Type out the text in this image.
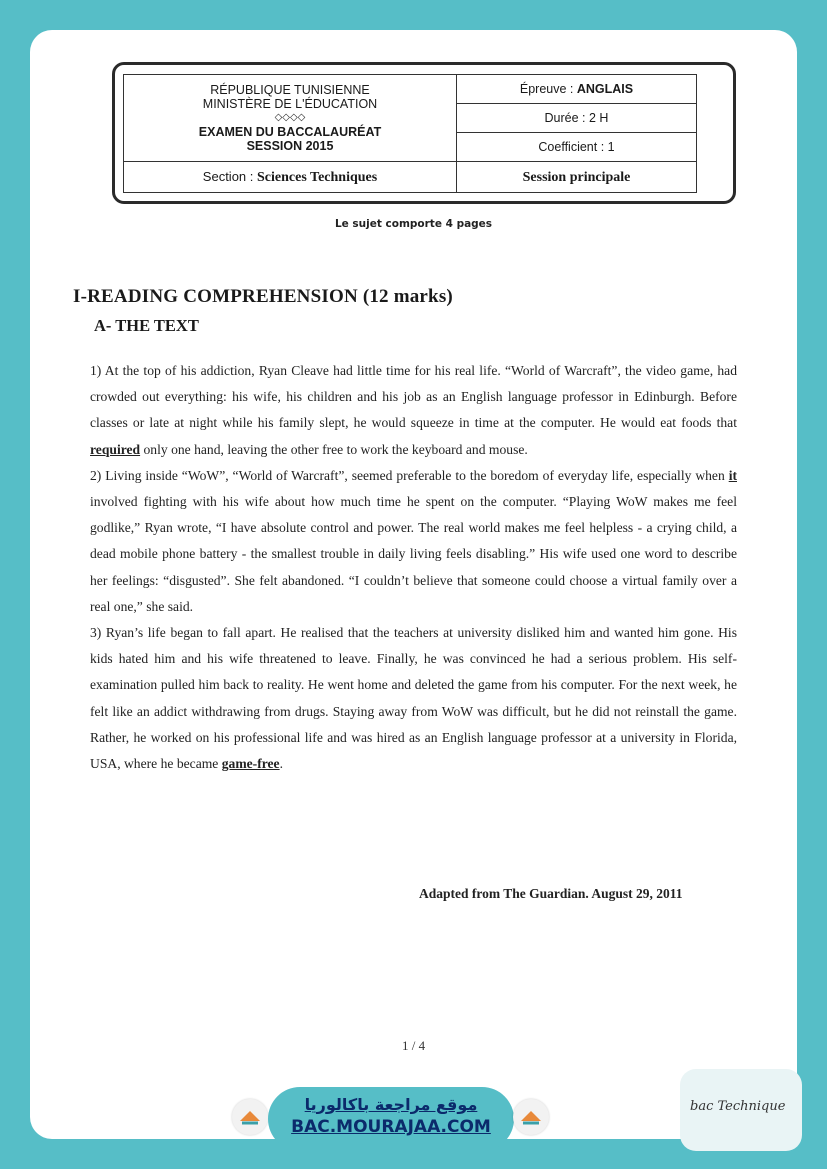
RÉPUBLIQUE TUNISIENNE
MINISTÈRE DE L'ÉDUCATION
◇◇◇◇
EXAMEN DU BACCALAURÉAT
SESSION 2015	Épreuve : ANGLAIS
	Durée : 2 H
	Coefficient : 1
Section : Sciences Techniques	Session principale
Le sujet comporte 4 pages
I-READING COMPREHENSION (12 marks)
A- THE TEXT

1) At the top of his addiction, Ryan Cleave had little time for his real life. “World of Warcraft”, the video game, had crowded out everything: his wife, his children and his job as an English language professor in Edinburgh. Before classes or late at night while his family slept, he would squeeze in time at the computer. He would eat foods that required only one hand, leaving the other free to work the keyboard and mouse.

2) Living inside “WoW”, “World of Warcraft”, seemed preferable to the boredom of everyday life, especially when it involved fighting with his wife about how much time he spent on the computer. “Playing WoW makes me feel godlike,” Ryan wrote, “I have absolute control and power. The real world makes me feel helpless - a crying child, a dead mobile phone battery - the smallest trouble in daily living feels disabling.” His wife used one word to describe her feelings: “disgusted”. She felt abandoned. “I couldn’t believe that someone could choose a virtual family over a real one,” she said.

3) Ryan’s life began to fall apart. He realised that the teachers at university disliked him and wanted him gone. His kids hated him and his wife threatened to leave. Finally, he was convinced he had a serious problem. His self-examination pulled him back to reality. He went home and deleted the game from his computer. For the next week, he felt like an addict withdrawing from drugs. Staying away from WoW was difficult, but he did not reinstall the game. Rather, he worked on his professional life and was hired as an English language professor at a university in Florida, USA, where he became game-free.

Adapted from The Guardian. August 29, 2011
1 / 4
موقع مراجعة باكالوريا
BAC.MOURAJAA.COM
bac Technique
